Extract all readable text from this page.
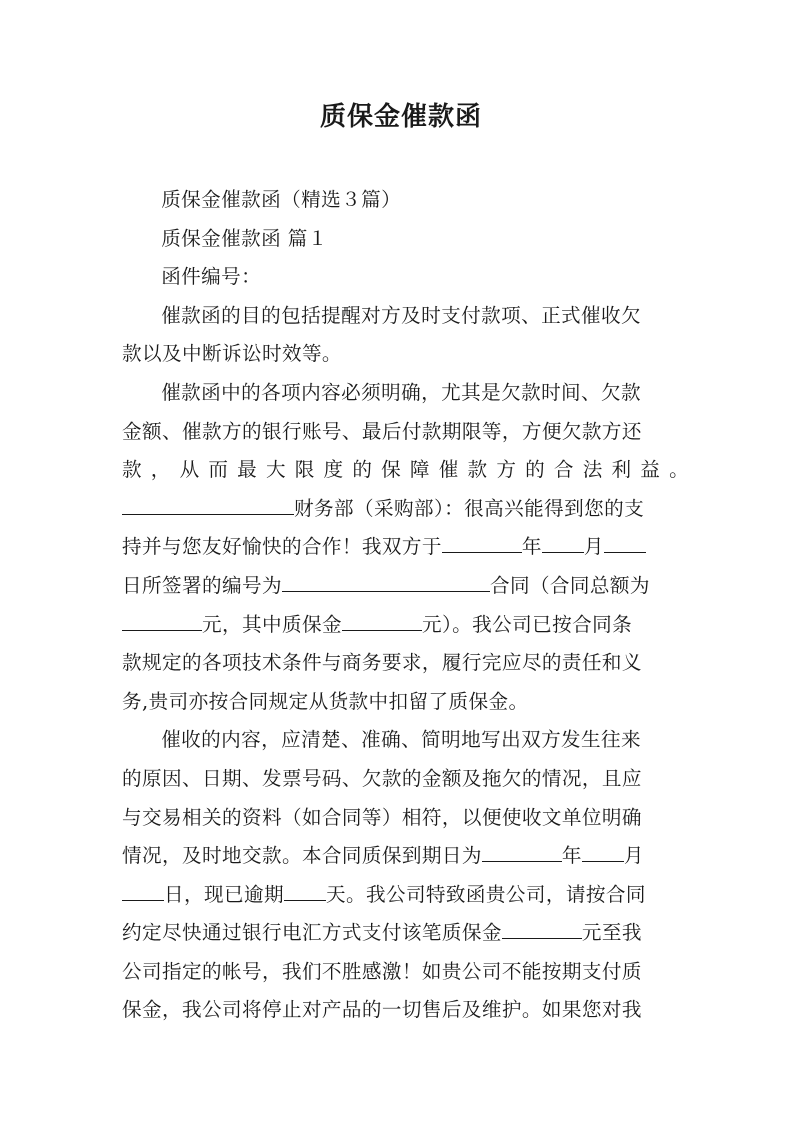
质保金催款函

质保金催款函（精选３篇）

质保金催款函 篇１

函件编号：

催款函的目的包括提醒对方及时支付款项、正式催收欠
款以及中断诉讼时效等。

催款函中的各项内容必须明确，尤其是欠款时间、欠款
金额、催款方的银行账号、最后付款期限等，方便欠款方还
款，从而最大限度的保障催款方的合法利益。
财务部（采购部）：很高兴能得到您的支
持并与您友好愉快的合作！我双方于	年 月
日所签署的编号为	合同（合同总额为
元，其中质保金	元）。我公司已按合同条
款规定的各项技术条件与商务要求，履行完应尽的责任和义
务,贵司亦按合同规定从货款中扣留了质保金。

催收的内容，应清楚、准确、简明地写出双方发生往来
的原因、日期、发票号码、欠款的金额及拖欠的情况，且应
与交易相关的资料（如合同等）相符，以便使收文单位明确
情况，及时地交款。本合同质保到期日为	年 月
日，现已逾期 天。我公司特致函贵公司，请按合同
约定尽快通过银行电汇方式支付该笔质保金	元至我
公司指定的帐号，我们不胜感激！如贵公司不能按期支付质
保金，我公司将停止对产品的一切售后及维护。如果您对我
